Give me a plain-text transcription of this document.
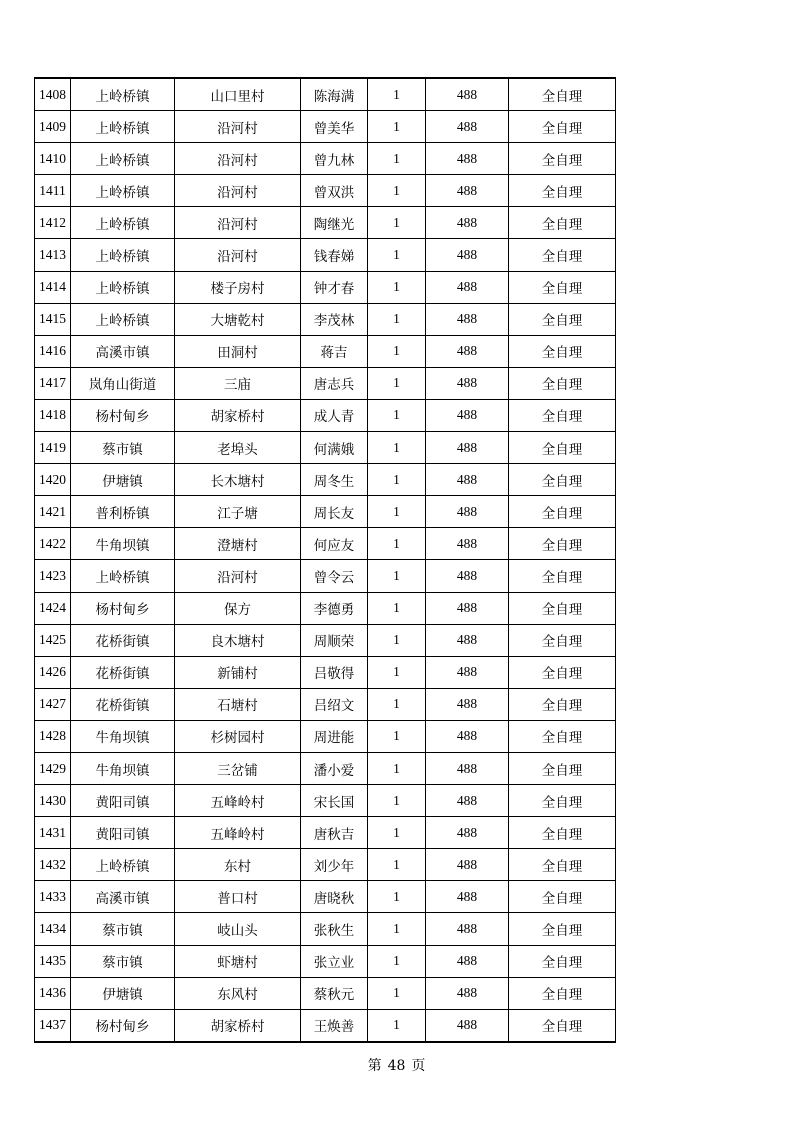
1408	上岭桥镇	山口里村	陈海满	1	488	全自理
1409	上岭桥镇	沿河村	曾美华	1	488	全自理
1410	上岭桥镇	沿河村	曾九林	1	488	全自理
1411	上岭桥镇	沿河村	曾双洪	1	488	全自理
1412	上岭桥镇	沿河村	陶继光	1	488	全自理
1413	上岭桥镇	沿河村	钱春娣	1	488	全自理
1414	上岭桥镇	楼子房村	钟才春	1	488	全自理
1415	上岭桥镇	大塘乾村	李茂林	1	488	全自理
1416	高溪市镇	田洞村	蒋吉	1	488	全自理
1417	岚角山街道	三庙	唐志兵	1	488	全自理
1418	杨村甸乡	胡家桥村	成人青	1	488	全自理
1419	蔡市镇	老埠头	何满娥	1	488	全自理
1420	伊塘镇	长木塘村	周冬生	1	488	全自理
1421	普利桥镇	江子塘	周长友	1	488	全自理
1422	牛角坝镇	澄塘村	何应友	1	488	全自理
1423	上岭桥镇	沿河村	曾令云	1	488	全自理
1424	杨村甸乡	保方	李德勇	1	488	全自理
1425	花桥街镇	良木塘村	周顺荣	1	488	全自理
1426	花桥街镇	新铺村	吕敬得	1	488	全自理
1427	花桥街镇	石塘村	吕绍文	1	488	全自理
1428	牛角坝镇	杉树园村	周进能	1	488	全自理
1429	牛角坝镇	三岔铺	潘小爱	1	488	全自理
1430	黄阳司镇	五峰岭村	宋长国	1	488	全自理
1431	黄阳司镇	五峰岭村	唐秋吉	1	488	全自理
1432	上岭桥镇	东村	刘少年	1	488	全自理
1433	高溪市镇	普口村	唐晓秋	1	488	全自理
1434	蔡市镇	岐山头	张秋生	1	488	全自理
1435	蔡市镇	虾塘村	张立业	1	488	全自理
1436	伊塘镇	东风村	蔡秋元	1	488	全自理
1437	杨村甸乡	胡家桥村	王焕善	1	488	全自理
第 48 页
